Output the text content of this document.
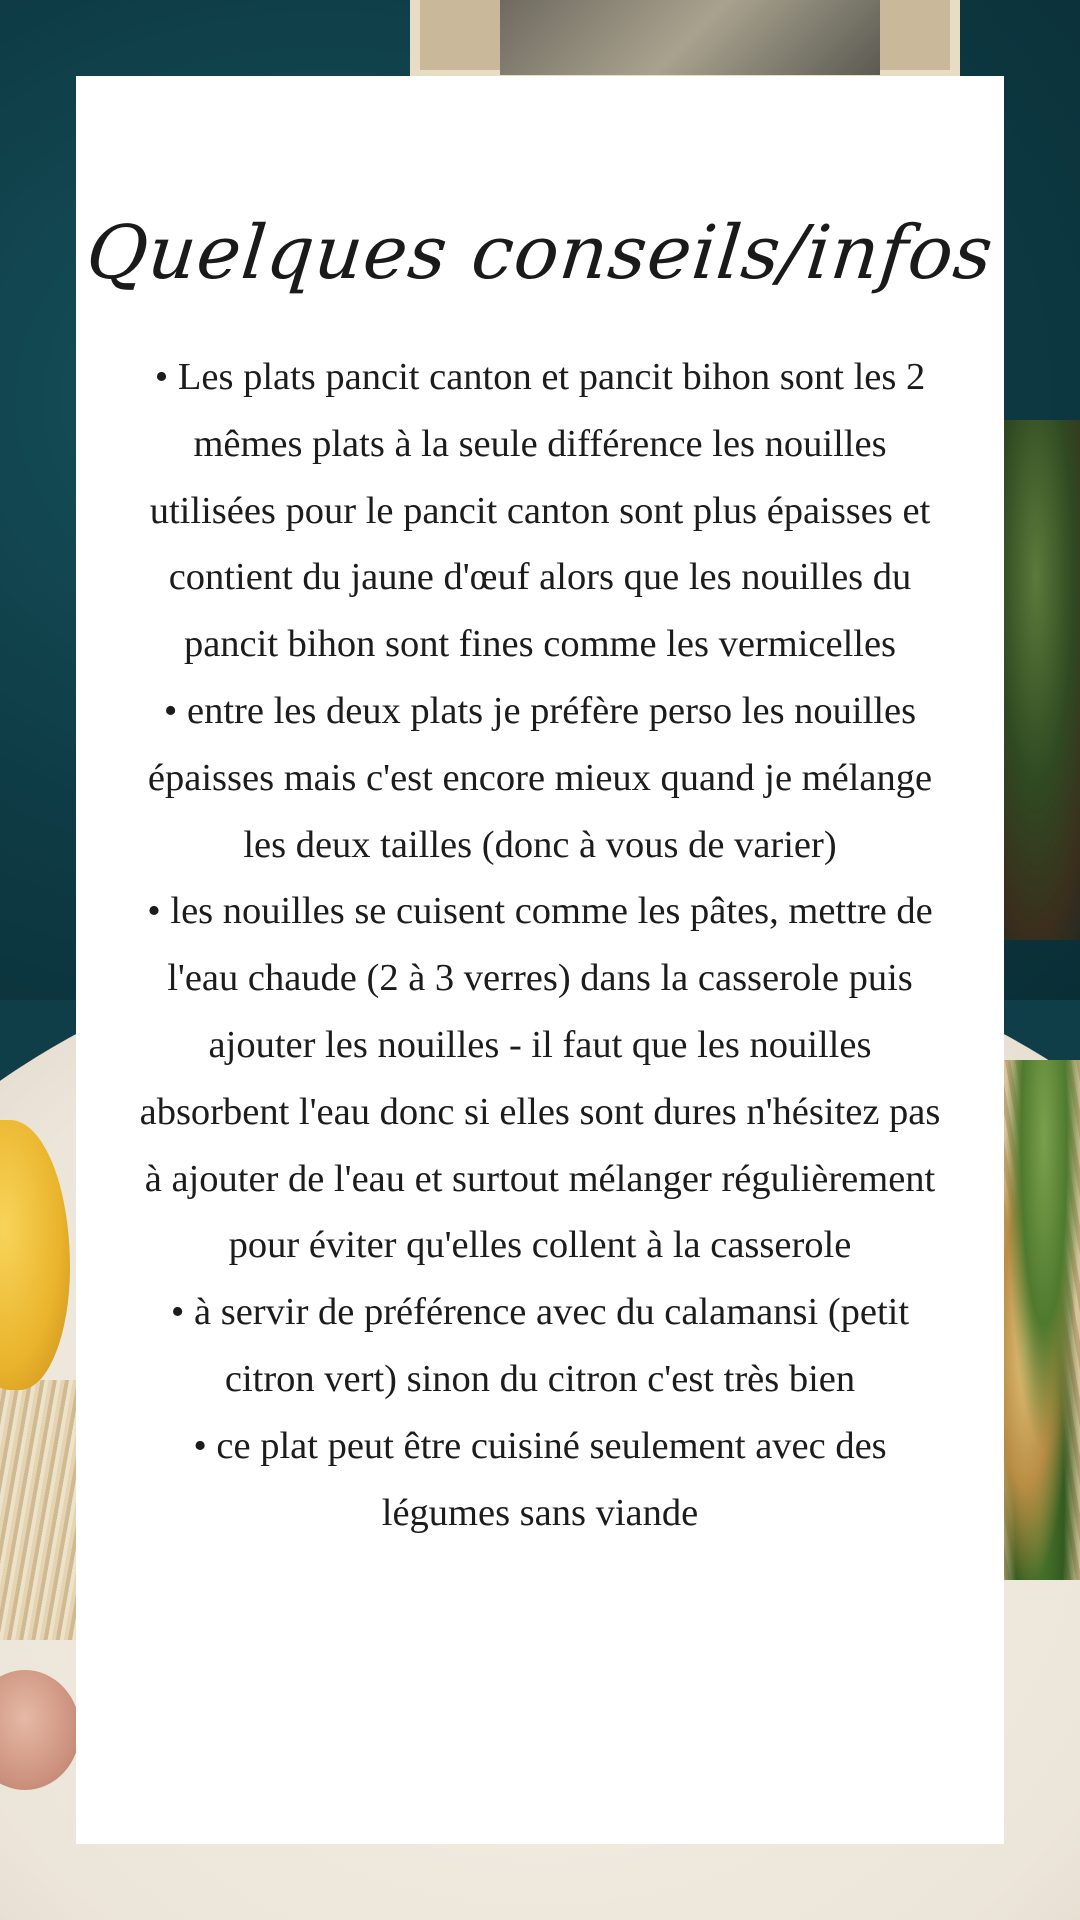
Quelques conseils/infos
• Les plats pancit canton et pancit bihon sont les 2 mêmes plats à la seule différence les nouilles utilisées pour le pancit canton sont plus épaisses et contient du jaune d'œuf alors que les nouilles du pancit bihon sont fines comme les vermicelles
• entre les deux plats je préfère perso les nouilles épaisses mais c'est encore mieux quand je mélange les deux tailles (donc à vous de varier)
• les nouilles se cuisent comme les pâtes, mettre de l'eau chaude (2 à 3 verres) dans la casserole puis ajouter les nouilles - il faut que les nouilles absorbent l'eau donc si elles sont dures n'hésitez pas à ajouter de l'eau et surtout mélanger régulièrement pour éviter qu'elles collent à la casserole
• à servir de préférence avec du calamansi (petit citron vert) sinon du citron c'est très bien
• ce plat peut être cuisiné seulement avec des légumes sans viande
